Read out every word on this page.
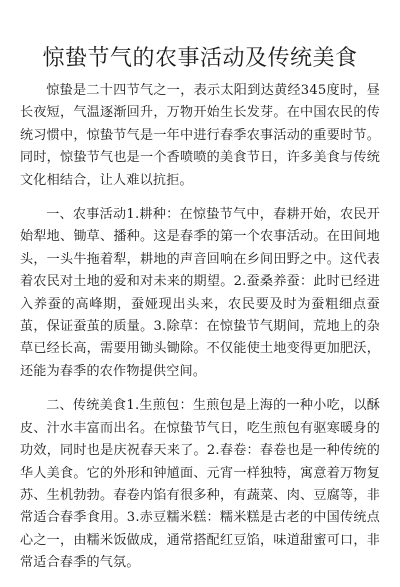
惊蛰节气的农事活动及传统美食

惊蛰是二十四节气之一，表示太阳到达黄经345度时，昼长夜短，气温逐渐回升，万物开始生长发芽。在中国农民的传统习惯中，惊蛰节气是一年中进行春季农事活动的重要时节。同时，惊蛰节气也是一个香喷喷的美食节日，许多美食与传统文化相结合，让人难以抗拒。

一、农事活动1.耕种：在惊蛰节气中，春耕开始，农民开始犁地、锄草、播种。这是春季的第一个农事活动。在田间地头，一头牛拖着犁，耕地的声音回响在乡间田野之中。这代表着农民对土地的爱和对未来的期望。2.蚕桑养蚕：此时已经进入养蚕的高峰期，蚕娅现出头来，农民要及时为蚕粗细点蚕茧，保证蚕茧的质量。3.除草：在惊蛰节气期间，荒地上的杂草已经长高，需要用锄头锄除。不仅能使土地变得更加肥沃，还能为春季的农作物提供空间。

二、传统美食1.生煎包：生煎包是上海的一种小吃，以酥皮、汁水丰富而出名。在惊蛰节气日，吃生煎包有驱寒暖身的功效，同时也是庆祝春天来了。2.春卷：春卷也是一种传统的华人美食。它的外形和钟馗面、元宵一样独特，寓意着万物复苏、生机勃勃。春卷内馅有很多种，有蔬菜、肉、豆腐等，非常适合春季食用。3.赤豆糯米糕：糯米糕是古老的中国传统点心之一，由糯米饭做成，通常搭配红豆馅，味道甜蜜可口，非常适合春季的气氛。
